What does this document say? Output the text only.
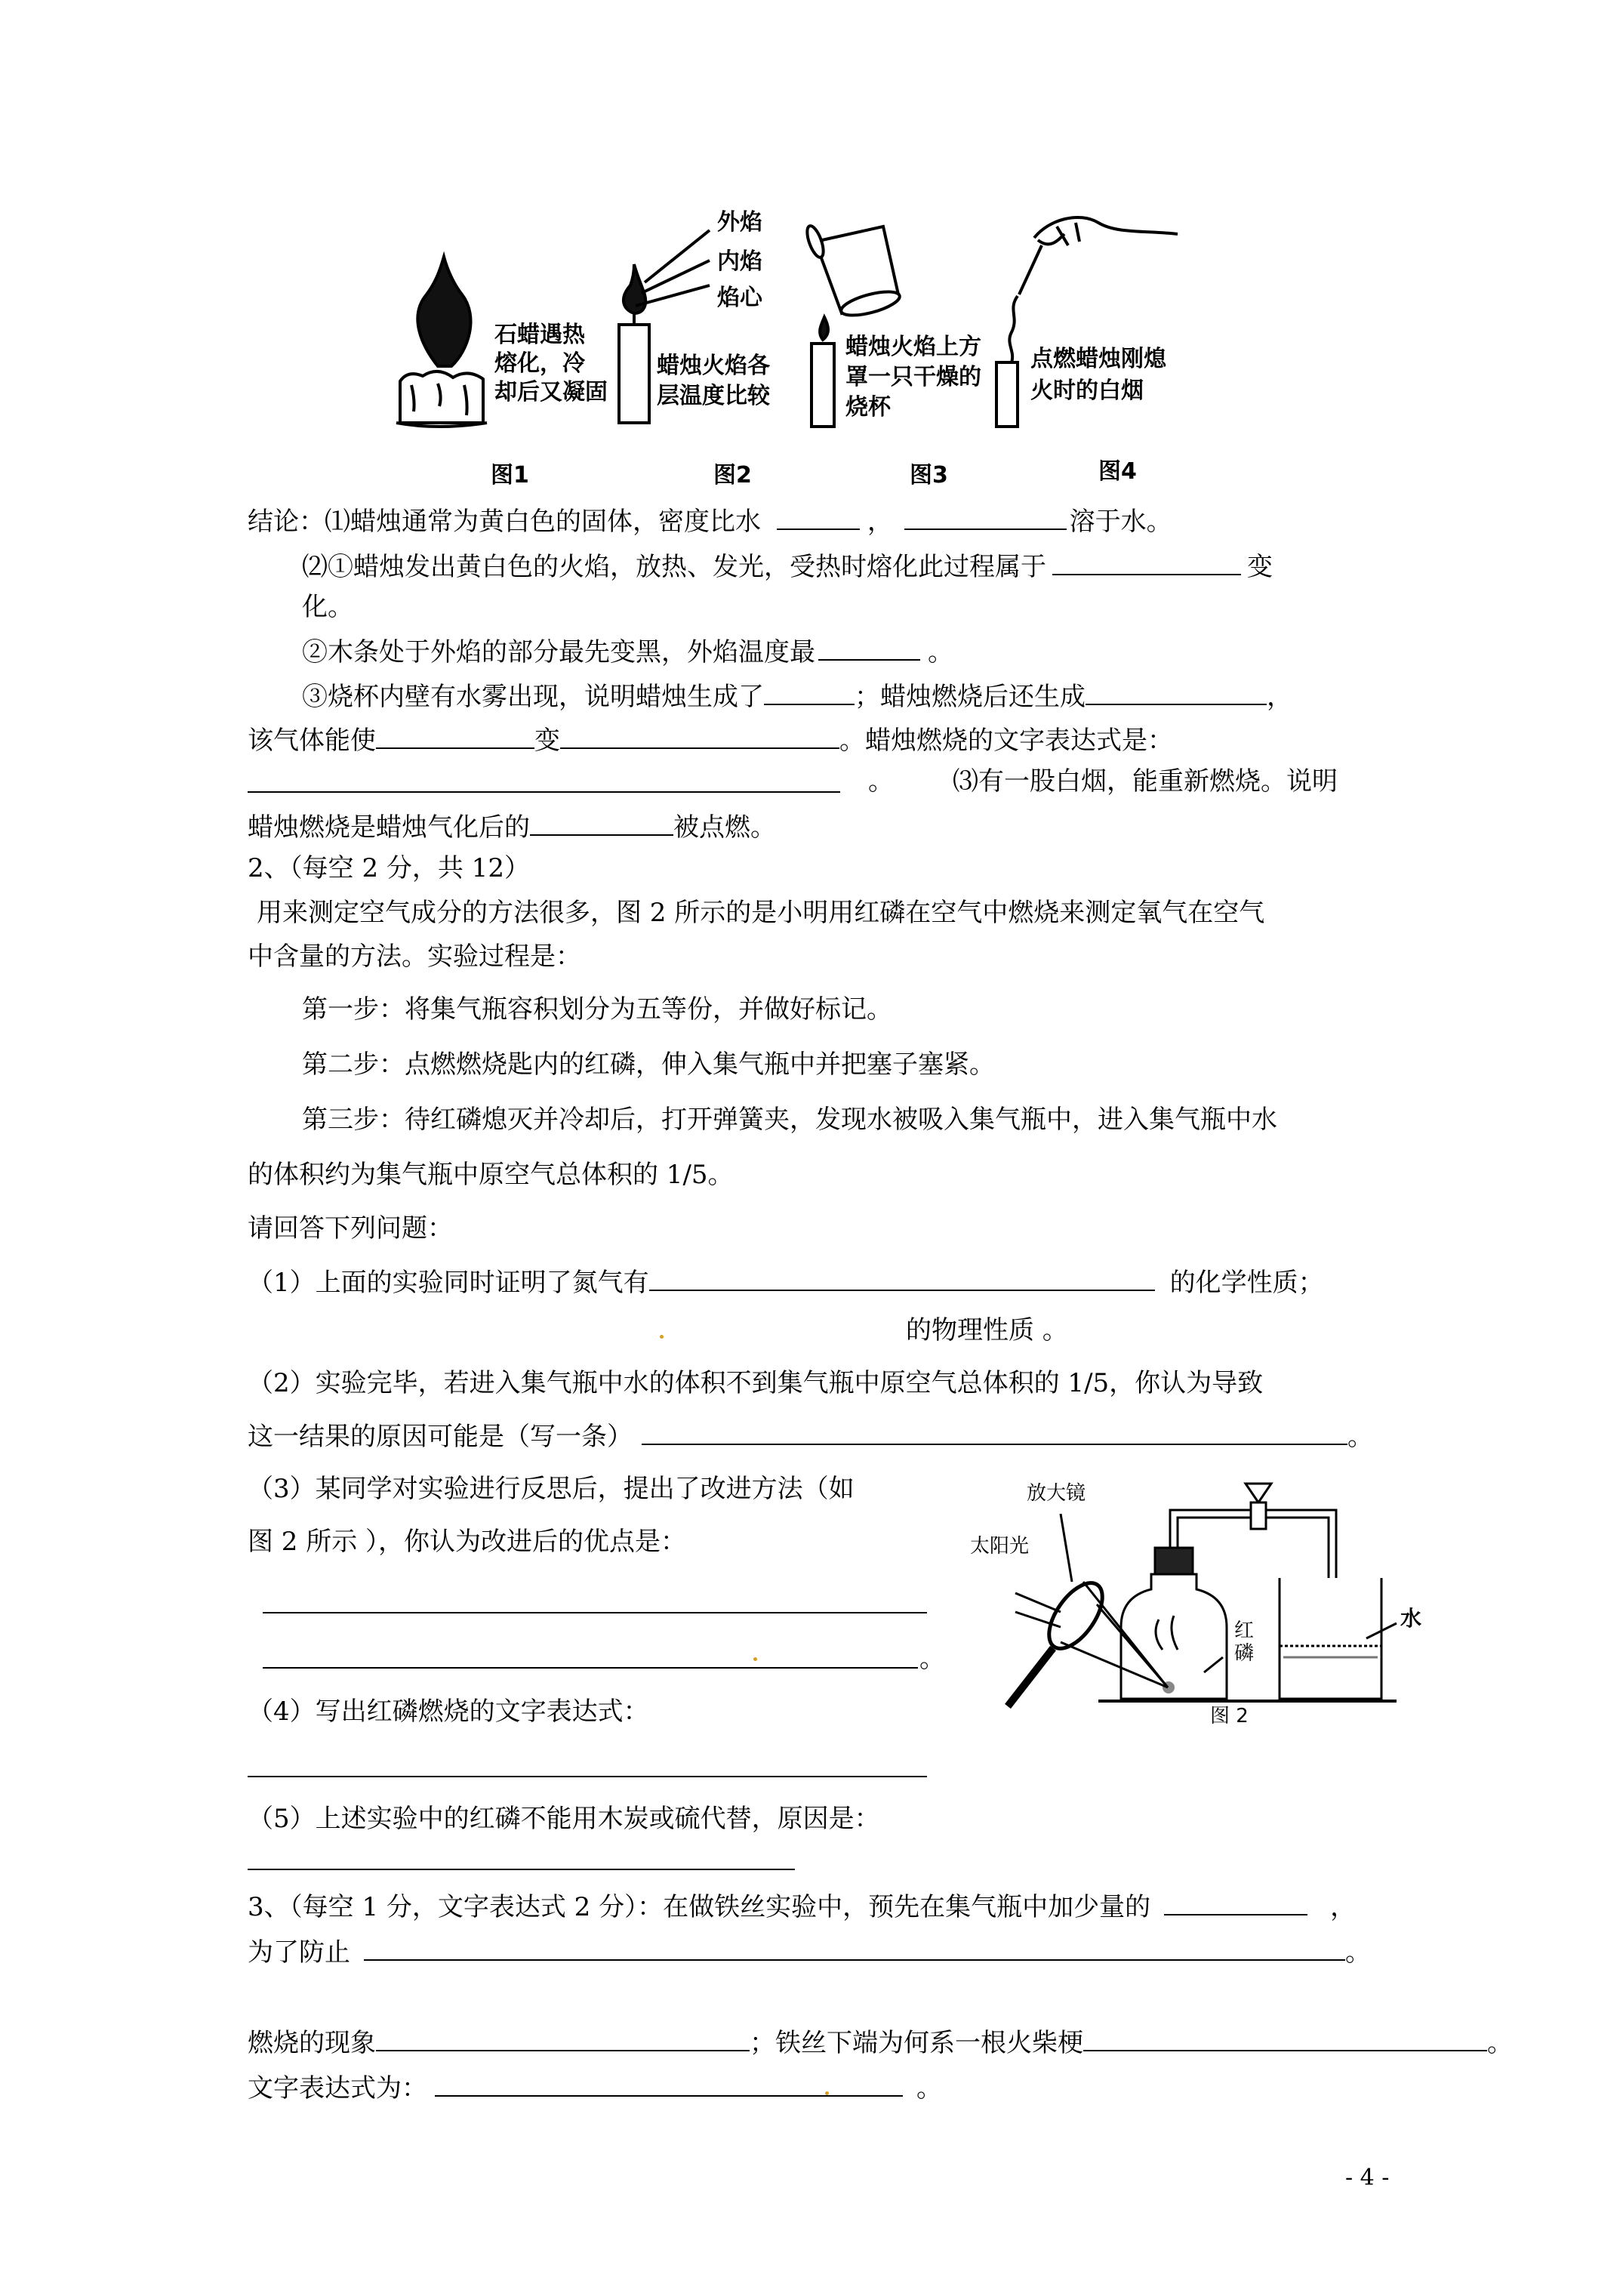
外焰
内焰
焰心
石蜡遇热
熔化，冷
却后又凝固
蜡烛火焰各
层温度比较
蜡烛火焰上方
罩一只干燥的
烧杯
点燃蜡烛刚熄
火时的白烟
图1	图2	图3	图4
结论：⑴蜡烛通常为黄白色的固体，密度比水	，	溶于水。
⑵①蜡烛发出黄白色的火焰，放热、发光，受热时熔化此过程属于	变
化。
②木条处于外焰的部分最先变黑，外焰温度最	。
③烧杯内壁有水雾出现，说明蜡烛生成了	；蜡烛燃烧后还生成	，
该气体能使	变	。蜡烛燃烧的文字表达式是：
。 ⑶有一股白烟，能重新燃烧。说明
蜡烛燃烧是蜡烛气化后的	被点燃。
2、（每空 2 分，共 12）
用来测定空气成分的方法很多，图 2 所示的是小明用红磷在空气中燃烧来测定氧气在空气
中含量的方法。实验过程是：
第一步：将集气瓶容积划分为五等份，并做好标记。
第二步：点燃燃烧匙内的红磷，伸入集气瓶中并把塞子塞紧。
第三步：待红磷熄灭并冷却后，打开弹簧夹，发现水被吸入集气瓶中，进入集气瓶中水
的体积约为集气瓶中原空气总体积的 1/5。
请回答下列问题：
（1）上面的实验同时证明了氮气有	的化学性质；
的物理性质 。
（2）实验完毕，若进入集气瓶中水的体积不到集气瓶中原空气总体积的 1/5，你认为导致
这一结果的原因可能是（写一条）	。
（3）某同学对实验进行反思后，提出了改进方法（如
图 2 所示 ），你认为改进后的优点是：
。
（4）写出红磷燃烧的文字表达式：
（5）上述实验中的红磷不能用木炭或硫代替，原因是：
放大镜
太阳光
红
磷
水
图 2
3、（每空 1 分，文字表达式 2 分）：在做铁丝实验中，预先在集气瓶中加少量的	，
为了防止	。
燃烧的现象	；铁丝下端为何系一根火柴梗	。
文字表达式为：	。
- 4 -
